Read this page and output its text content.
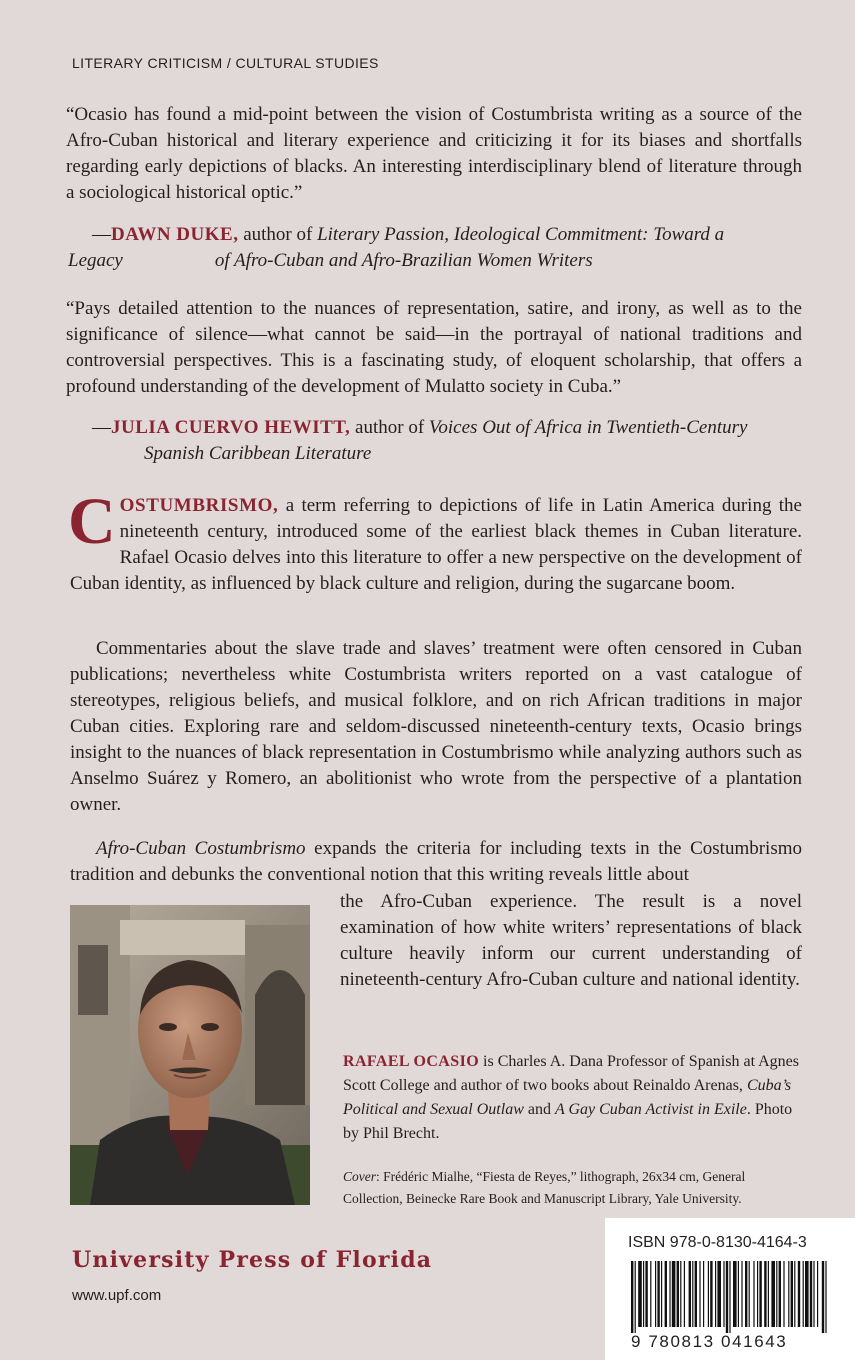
LITERARY CRITICISM / CULTURAL STUDIES
“Ocasio has found a mid-point between the vision of Costumbrista writing as a source of the Afro-Cuban historical and literary experience and criticizing it for its biases and shortfalls regarding early depictions of blacks. An interesting interdisciplinary blend of literature through a sociological historical optic.”
—DAWN DUKE, author of Literary Passion, Ideological Commitment: Toward a
Legacy	of Afro-Cuban and Afro-Brazilian Women Writers
“Pays detailed attention to the nuances of representation, satire, and irony, as well as to the significance of silence—what cannot be said—in the portrayal of national traditions and controversial perspectives. This is a fascinating study, of eloquent scholarship, that offers a profound understanding of the development of Mulatto society in Cuba.”
—JULIA CUERVO HEWITT, author of Voices Out of Africa in Twentieth-Century
Spanish Caribbean Literature
COSTUMBRISMO, a term referring to depictions of life in Latin America during the nineteenth century, introduced some of the earliest black themes in Cuban literature. Rafael Ocasio delves into this literature to offer a new perspective on the development of Cuban identity, as influenced by black culture and religion, during the sugarcane boom.
Commentaries about the slave trade and slaves’ treatment were often censored in Cuban publications; nevertheless white Costumbrista writers reported on a vast catalogue of stereotypes, religious beliefs, and musical folklore, and on rich African traditions in major Cuban cities. Exploring rare and seldom-discussed nineteenth-century texts, Ocasio brings insight to the nuances of black representation in Costumbrismo while analyzing authors such as Anselmo Suárez y Romero, an abolitionist who wrote from the perspective of a plantation owner.
Afro-Cuban Costumbrismo expands the criteria for including texts in the Costumbrismo tradition and debunks the conventional notion that this writing reveals little about
the Afro-Cuban experience. The result is a novel examination of how white writers’ representations of black culture heavily inform our current understanding of nineteenth-century Afro-Cuban culture and national identity.
RAFAEL OCASIO is Charles A. Dana Professor of Spanish at Agnes Scott College and author of two books about Reinaldo Arenas, Cuba’s Political and Sexual Outlaw and A Gay Cuban Activist in Exile. Photo by Phil Brecht.
Cover: Frédéric Mialhe, “Fiesta de Reyes,” lithograph, 26x34 cm, General Collection, Beinecke Rare Book and Manuscript Library, Yale University.
University Press of Florida
www.upf.com
ISBN 978-0-8130-4164-3
9 780813 041643
